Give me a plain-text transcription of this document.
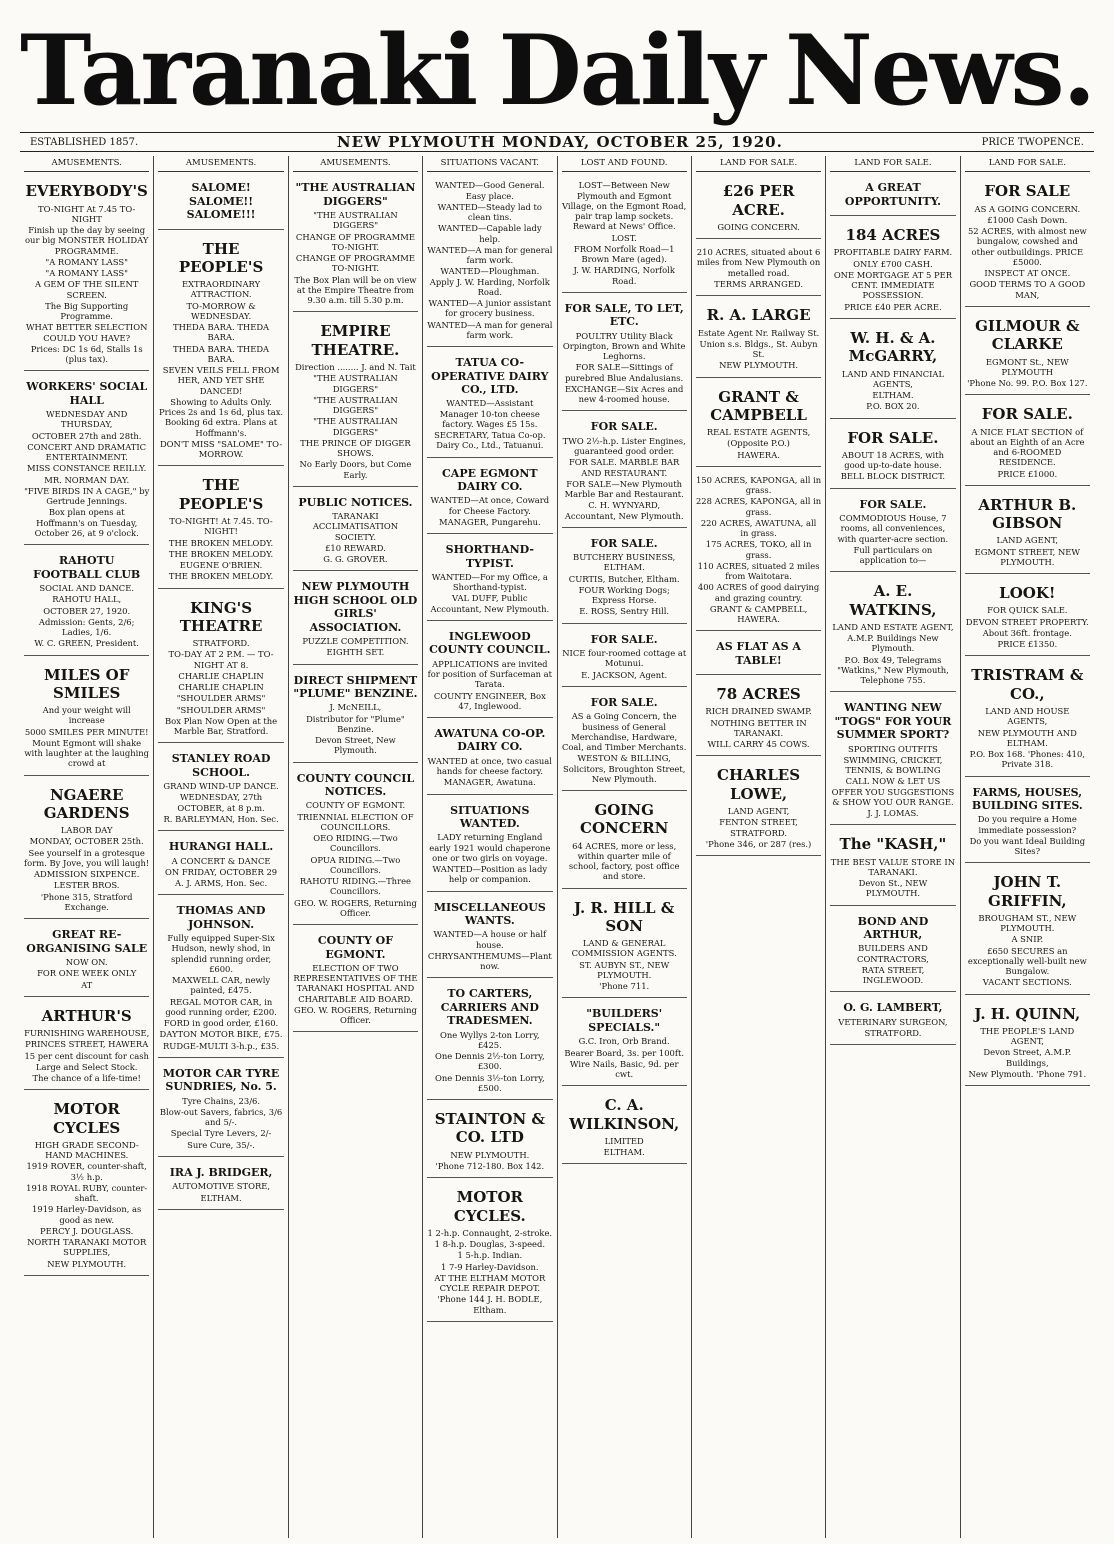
Taranaki Daily News.
ESTABLISHED 1857.	NEW PLYMOUTH MONDAY, OCTOBER 25, 1920.	PRICE TWOPENCE.
AMUSEMENTS.
EVERYBODY'S

TO-NIGHT At 7.45 TO-NIGHT

Finish up the day by seeing our big MONSTER HOLIDAY PROGRAMME.

"A ROMANY LASS"

"A ROMANY LASS"

A GEM OF THE SILENT SCREEN.

The Big Supporting Programme.

WHAT BETTER SELECTION COULD YOU HAVE?

Prices: DC 1s 6d, Stalls 1s (plus tax).

WORKERS' SOCIAL HALL

WEDNESDAY AND THURSDAY,

OCTOBER 27th and 28th.

CONCERT AND DRAMATIC ENTERTAINMENT.

MISS CONSTANCE REILLY.

MR. NORMAN DAY.

"FIVE BIRDS IN A CAGE," by Gertrude Jennings.

Box plan opens at Hoffmann's on Tuesday, October 26, at 9 o'clock.

RAHOTU FOOTBALL CLUB

SOCIAL AND DANCE.

RAHOTU HALL,

OCTOBER 27, 1920.

Admission: Gents, 2/6; Ladies, 1/6.

W. C. GREEN, President.

MILES OF SMILES

And your weight will increase

5000 SMILES PER MINUTE!

Mount Egmont will shake with laughter at the laughing crowd at

NGAERE GARDENS

LABOR DAY

MONDAY, OCTOBER 25th.

See yourself in a grotesque form. By Jove, you will laugh!

ADMISSION SIXPENCE.

LESTER BROS.

'Phone 315, Stratford Exchange.

GREAT RE-ORGANISING SALE

NOW ON.

FOR ONE WEEK ONLY

AT

ARTHUR'S

FURNISHING WAREHOUSE,

PRINCES STREET, HAWERA

15 per cent discount for cash

Large and Select Stock.

The chance of a life-time!

MOTOR CYCLES

HIGH GRADE SECOND-HAND MACHINES.

1919 ROVER, counter-shaft, 3½ h.p.

1918 ROYAL RUBY, counter-shaft.

1919 Harley-Davidson, as good as new.

PERCY J. DOUGLASS.

NORTH TARANAKI MOTOR SUPPLIES,

NEW PLYMOUTH.

AMUSEMENTS.
SALOME! SALOME!! SALOME!!!
THE PEOPLE'S

EXTRAORDINARY ATTRACTION.

TO-MORROW & WEDNESDAY.

THEDA BARA. THEDA BARA.

THEDA BARA. THEDA BARA.

SEVEN VEILS FELL FROM HER, AND YET SHE DANCED!

Showing to Adults Only. Prices 2s and 1s 6d, plus tax. Booking 6d extra. Plans at Hoffmann's.

DON'T MISS "SALOME" TO-MORROW.

THE PEOPLE'S

TO-NIGHT! At 7.45. TO-NIGHT!

THE BROKEN MELODY.

THE BROKEN MELODY.

EUGENE O'BRIEN.

THE BROKEN MELODY.

KING'S THEATRE

STRATFORD.

TO-DAY AT 2 P.M. — TO-NIGHT AT 8.

CHARLIE CHAPLIN

CHARLIE CHAPLIN

"SHOULDER ARMS"

"SHOULDER ARMS"

Box Plan Now Open at the Marble Bar, Stratford.

STANLEY ROAD SCHOOL.

GRAND WIND-UP DANCE.

WEDNESDAY, 27th OCTOBER, at 8 p.m.

R. BARLEYMAN, Hon. Sec.

HURANGI HALL.

A CONCERT & DANCE

ON FRIDAY, OCTOBER 29

A. J. ARMS, Hon. Sec.

THOMAS AND JOHNSON.

Fully equipped Super-Six Hudson, newly shod, in splendid running order, £600.

MAXWELL CAR, newly painted, £475.

REGAL MOTOR CAR, in good running order, £200.

FORD in good order, £160.

DAYTON MOTOR BIKE, £75.

RUDGE-MULTI 3-h.p., £35.

MOTOR CAR TYRE SUNDRIES, No. 5.

Tyre Chains, 23/6.

Blow-out Savers, fabrics, 3/6 and 5/-.

Special Tyre Levers, 2/-

Sure Cure, 35/-.

IRA J. BRIDGER,

AUTOMOTIVE STORE,

ELTHAM.

AMUSEMENTS.
"THE AUSTRALIAN DIGGERS"

"THE AUSTRALIAN DIGGERS"

CHANGE OF PROGRAMME TO-NIGHT.

CHANGE OF PROGRAMME TO-NIGHT.

The Box Plan will be on view at the Empire Theatre from 9.30 a.m. till 5.30 p.m.

EMPIRE THEATRE.

Direction ........ J. and N. Tait

"THE AUSTRALIAN DIGGERS"

"THE AUSTRALIAN DIGGERS"

"THE AUSTRALIAN DIGGERS"

THE PRINCE OF DIGGER SHOWS.

No Early Doors, but Come Early.

PUBLIC NOTICES.

TARANAKI ACCLIMATISATION SOCIETY.

£10 REWARD.

G. G. GROVER.

NEW PLYMOUTH HIGH SCHOOL OLD GIRLS' ASSOCIATION.

PUZZLE COMPETITION.

EIGHTH SET.

DIRECT SHIPMENT "PLUME" BENZINE.

J. McNEILL,

Distributor for "Plume" Benzine.

Devon Street, New Plymouth.

COUNTY COUNCIL NOTICES.

COUNTY OF EGMONT.

TRIENNIAL ELECTION OF COUNCILLORS.

OEO RIDING.—Two Councillors.

OPUA RIDING.—Two Councillors.

RAHOTU RIDING.—Three Councillors.

GEO. W. ROGERS, Returning Officer.

COUNTY OF EGMONT.

ELECTION OF TWO REPRESENTATIVES OF THE TARANAKI HOSPITAL AND CHARITABLE AID BOARD.

GEO. W. ROGERS, Returning Officer.

SITUATIONS VACANT.

WANTED—Good General. Easy place.

WANTED—Steady lad to clean tins.

WANTED—Capable lady help.

WANTED—A man for general farm work.

WANTED—Ploughman. Apply J. W. Harding, Norfolk Road.

WANTED—A junior assistant for grocery business.

WANTED—A man for general farm work.

TATUA CO-OPERATIVE DAIRY CO., LTD.

WANTED—Assistant Manager 10-ton cheese factory. Wages £5 15s.

SECRETARY, Tatua Co-op. Dairy Co., Ltd., Tatuanui.

CAPE EGMONT DAIRY CO.

WANTED—At once, Coward for Cheese Factory.

MANAGER, Pungarehu.

SHORTHAND-TYPIST.

WANTED—For my Office, a Shorthand-typist.

VAL DUFF, Public Accountant, New Plymouth.

INGLEWOOD COUNTY COUNCIL.

APPLICATIONS are invited for position of Surfaceman at Tarata.

COUNTY ENGINEER, Box 47, Inglewood.

AWATUNA CO-OP. DAIRY CO.

WANTED at once, two casual hands for cheese factory.

MANAGER, Awatuna.

SITUATIONS WANTED.

LADY returning England early 1921 would chaperone one or two girls on voyage.

WANTED—Position as lady help or companion.

MISCELLANEOUS WANTS.

WANTED—A house or half house.

CHRYSANTHEMUMS—Plant now.

TO CARTERS, CARRIERS AND TRADESMEN.

One Wyllys 2-ton Lorry, £425.

One Dennis 2½-ton Lorry, £300.

One Dennis 3½-ton Lorry, £500.

STAINTON & CO. LTD

NEW PLYMOUTH.

'Phone 712-180. Box 142.

MOTOR CYCLES.

1 2-h.p. Connaught, 2-stroke.

1 8-h.p. Douglas, 3-speed.

1 5-h.p. Indian.

1 7-9 Harley-Davidson.

AT THE ELTHAM MOTOR CYCLE REPAIR DEPOT.

'Phone 144 J. H. BODLE, Eltham.

LOST AND FOUND.

LOST—Between New Plymouth and Egmont Village, on the Egmont Road, pair trap lamp sockets. Reward at News' Office.

LOST.

FROM Norfolk Road—1 Brown Mare (aged).

J. W. HARDING, Norfolk Road.

FOR SALE, TO LET, ETC.

POULTRY Utility Black Orpington, Brown and White Leghorns.

FOR SALE—Sittings of purebred Blue Andalusians.

EXCHANGE—Six Acres and new 4-roomed house.

FOR SALE.

TWO 2½-h.p. Lister Engines, guaranteed good order.

FOR SALE. MARBLE BAR AND RESTAURANT.

FOR SALE—New Plymouth Marble Bar and Restaurant.

C. H. WYNYARD, Accountant, New Plymouth.

FOR SALE.

BUTCHERY BUSINESS, ELTHAM.

CURTIS, Butcher, Eltham.

FOUR Working Dogs; Express Horse.

E. ROSS, Sentry Hill.

FOR SALE.

NICE four-roomed cottage at Motunui.

E. JACKSON, Agent.

FOR SALE.

AS a Going Concern, the business of General Merchandise, Hardware, Coal, and Timber Merchants.

WESTON & BILLING, Solicitors, Broughton Street, New Plymouth.

GOING CONCERN

64 ACRES, more or less, within quarter mile of school, factory, post office and store.

J. R. HILL & SON

LAND & GENERAL COMMISSION AGENTS.

ST. AUBYN ST., NEW PLYMOUTH.

'Phone 711.

"BUILDERS' SPECIALS."

G.C. Iron, Orb Brand.

Bearer Board, 3s. per 100ft.

Wire Nails, Basic, 9d. per cwt.

C. A. WILKINSON,

LIMITED

ELTHAM.

LAND FOR SALE.
£26 PER ACRE.

GOING CONCERN.

210 ACRES, situated about 6 miles from New Plymouth on metalled road.

TERMS ARRANGED.

R. A. LARGE

Estate Agent Nr. Railway St.

Union s.s. Bldgs., St. Aubyn St.

NEW PLYMOUTH.

GRANT & CAMPBELL

REAL ESTATE AGENTS,

(Opposite P.O.)

HAWERA.

150 ACRES, KAPONGA, all in grass.

228 ACRES, KAPONGA, all in grass.

220 ACRES, AWATUNA, all in grass.

175 ACRES, TOKO, all in grass.

110 ACRES, situated 2 miles from Waitotara.

400 ACRES of good dairying and grazing country.

GRANT & CAMPBELL, HAWERA.

AS FLAT AS A TABLE!
78 ACRES

RICH DRAINED SWAMP.

NOTHING BETTER IN TARANAKI.

WILL CARRY 45 COWS.

CHARLES LOWE,

LAND AGENT,

FENTON STREET, STRATFORD.

'Phone 346, or 287 (res.)

LAND FOR SALE.
A GREAT OPPORTUNITY.
184 ACRES

PROFITABLE DAIRY FARM.

ONLY £700 CASH.

ONE MORTGAGE AT 5 PER CENT. IMMEDIATE POSSESSION.

PRICE £40 PER ACRE.

W. H. & A. McGARRY,

LAND AND FINANCIAL AGENTS,

ELTHAM.

P.O. BOX 20.

FOR SALE.

ABOUT 18 ACRES, with good up-to-date house.

BELL BLOCK DISTRICT.

FOR SALE.

COMMODIOUS House, 7 rooms, all conveniences, with quarter-acre section.

Full particulars on application to—

A. E. WATKINS,

LAND AND ESTATE AGENT,

A.M.P. Buildings New Plymouth.

P.O. Box 49, Telegrams "Watkins," New Plymouth, Telephone 755.

WANTING NEW "TOGS" FOR YOUR SUMMER SPORT?

SPORTING OUTFITS

SWIMMING, CRICKET, TENNIS, & BOWLING

CALL NOW & LET US OFFER YOU SUGGESTIONS & SHOW YOU OUR RANGE.

J. J. LOMAS.

The "KASH,"

THE BEST VALUE STORE IN TARANAKI.

Devon St., NEW PLYMOUTH.

BOND AND ARTHUR,

BUILDERS AND CONTRACTORS,

RATA STREET, INGLEWOOD.

O. G. LAMBERT,

VETERINARY SURGEON,

STRATFORD.

LAND FOR SALE.
FOR SALE

AS A GOING CONCERN.

£1000 Cash Down.

52 ACRES, with almost new bungalow, cowshed and other outbuildings. PRICE £5000.

INSPECT AT ONCE.

GOOD TERMS TO A GOOD MAN,

GILMOUR & CLARKE

EGMONT St., NEW PLYMOUTH

'Phone No. 99. P.O. Box 127.

FOR SALE.

A NICE FLAT SECTION of about an Eighth of an Acre and 6-ROOMED RESIDENCE.

PRICE £1000.

ARTHUR B. GIBSON

LAND AGENT,

EGMONT STREET, NEW PLYMOUTH.

LOOK!

FOR QUICK SALE.

DEVON STREET PROPERTY.

About 36ft. frontage.

PRICE £1350.

TRISTRAM & CO.,

LAND AND HOUSE AGENTS,

NEW PLYMOUTH AND ELTHAM.

P.O. Box 168. 'Phones: 410, Private 318.

FARMS, HOUSES, BUILDING SITES.

Do you require a Home immediate possession?

Do you want Ideal Building Sites?

JOHN T. GRIFFIN,

BROUGHAM ST., NEW PLYMOUTH.

A SNIP.

£650 SECURES an exceptionally well-built new Bungalow.

VACANT SECTIONS.

J. H. QUINN,

THE PEOPLE'S LAND AGENT,

Devon Street, A.M.P. Buildings,

New Plymouth. 'Phone 791.
